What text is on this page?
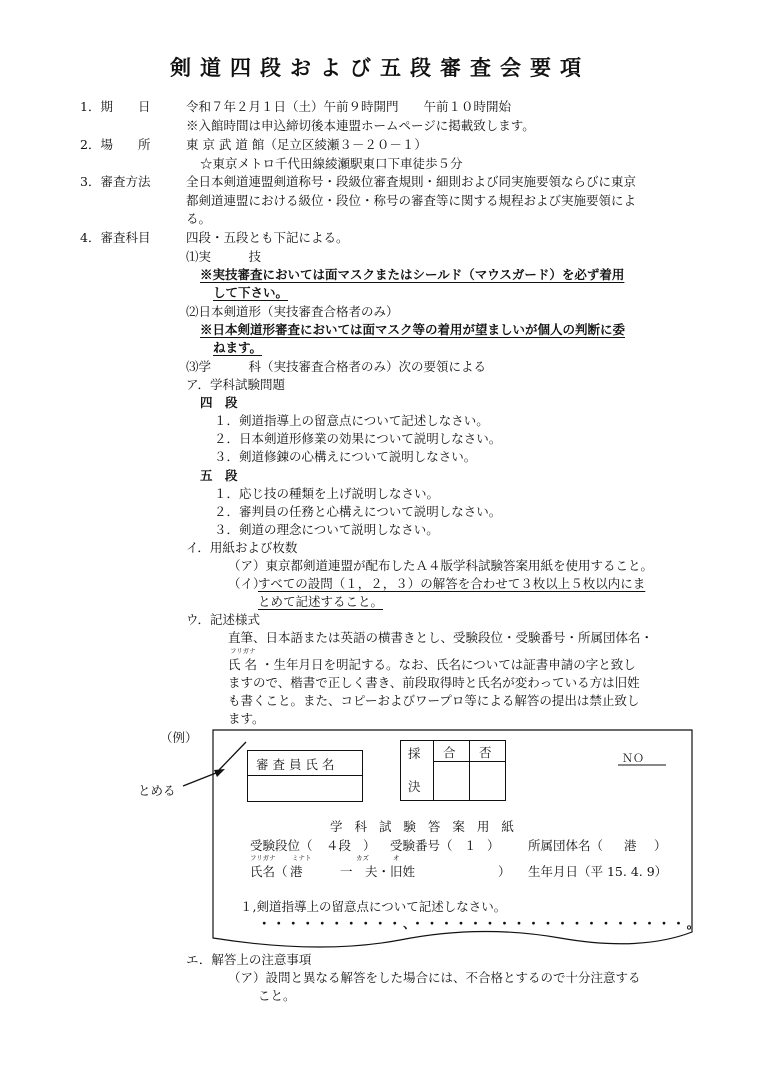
剣道四段および五段審査会要項
1．期　　日	令和７年２月１日（土）午前９時開門　　午前１０時開始
※入館時間は申込締切後本連盟ホームページに掲載致します。
2．場　　所	東 京 武 道 館（足立区綾瀬３－２０－１）
☆東京メトロ千代田線綾瀬駅東口下車徒歩５分
3．審査方法	全日本剣道連盟剣道称号・段級位審査規則・細則および同実施要領ならびに東京
都剣道連盟における級位・段位・称号の審査等に関する規程および実施要領によ
る。
4．審査科目	四段・五段とも下記による。
⑴実　　　技
※実技審査においては面マスクまたはシールド（マウスガード）を必ず着用
して下さい。
⑵日本剣道形（実技審査合格者のみ）
※日本剣道形審査においては面マスク等の着用が望ましいが個人の判断に委
ねます。
⑶学　　　科（実技審査合格者のみ）次の要領による
ア．学科試験問題
四　段
１．剣道指導上の留意点について記述しなさい。
２．日本剣道形修業の効果について説明しなさい。
３．剣道修錬の心構えについて説明しなさい。
五　段
１．応じ技の種類を上げ説明しなさい。
２．審判員の任務と心構えについて説明しなさい。
３．剣道の理念について説明しなさい。
イ．用紙および枚数
（ア）東京都剣道連盟が配布したＡ４版学科試験答案用紙を使用すること。
（イ）
すべての設問（１，２，３）の解答を合わせて３枚以上５枚以内にま
とめて記述すること。
ウ．記述様式
直筆、日本語または英語の横書きとし、受験段位・受験番号・所属団体名・
フリガナ
氏 名 ・生年月日を明記する。なお、氏名については証書申請の字と致し
ますので、楷書で正しく書き、前段取得時と氏名が変わっている方は旧姓
も書くこと。また、コピーおよびワープロ等による解答の提出は禁止致し
ます。
（例）
とめる
審 査 員 氏 名
採
決
合 否	ＮＯ
学 科 試 験 答 案 用 紙
受験段位（ ４段 ） 受験番号（ １ ） 所属団体名（ 港 ）
フリガナ	ミナト	カズ	オ
氏名（ 港　　　一　夫・旧姓	） 生年月日（平 15. 4. 9）
１,剣道指導上の留意点について記述しなさい。
・・・・・・・・・・、・・・・・・・・・・・・・・・・・・・。
エ．解答上の注意事項
（ア）設問と異なる解答をした場合には、不合格とするので十分注意する
こと。
